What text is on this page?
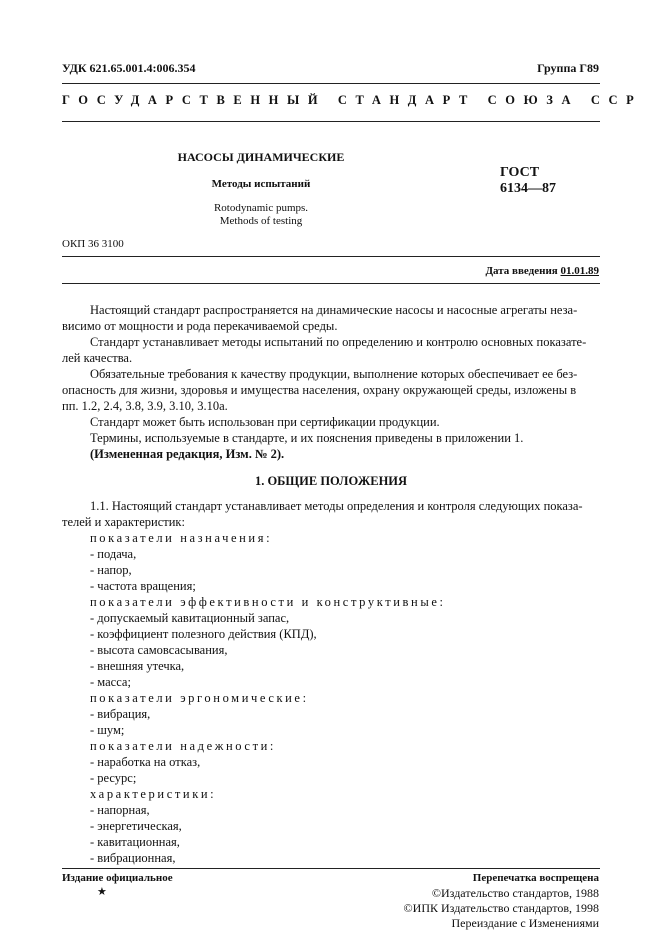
УДК 621.65.001.4:006.354	Группа Г89
ГОСУДАРСТВЕННЫЙ СТАНДАРТ СОЮЗА ССР
НАСОСЫ ДИНАМИЧЕСКИЕ
Методы испытаний
Rotodynamic pumps.
Methods of testing
ГОСТ
6134—87
ОКП 36 3100
Дата введения 01.01.89
Настоящий стандарт распространяется на динамические насосы и насосные агрегаты неза-
висимо от мощности и рода перекачиваемой среды.
Стандарт устанавливает методы испытаний по определению и контролю основных показате-
лей качества.
Обязательные требования к качеству продукции, выполнение которых обеспечивает ее без-
опасность для жизни, здоровья и имущества населения, охрану окружающей среды, изложены в
пп. 1.2, 2.4, 3.8, 3.9, 3.10, 3.10а.
Стандарт может быть использован при сертификации продукции.
Термины, используемые в стандарте, и их пояснения приведены в приложении 1.
(Измененная редакция, Изм. № 2).
1. ОБЩИЕ ПОЛОЖЕНИЯ
1.1. Настоящий стандарт устанавливает методы определения и контроля следующих показа-
телей и характеристик:
показатели назначения:
- подача,
- напор,
- частота вращения;
показатели эффективности и конструктивные:
- допускаемый кавитационный запас,
- коэффициент полезного действия (КПД),
- высота самовсасывания,
- внешняя утечка,
- масса;
показатели эргономические:
- вибрация,
- шум;
показатели надежности:
- наработка на отказ,
- ресурс;
характеристики:
- напорная,
- энергетическая,
- кавитационная,
- вибрационная,
Издание официальное
★
Перепечатка воспрещена
©Издательство стандартов, 1988
©ИПК Издательство стандартов, 1998
Переиздание с Изменениями
